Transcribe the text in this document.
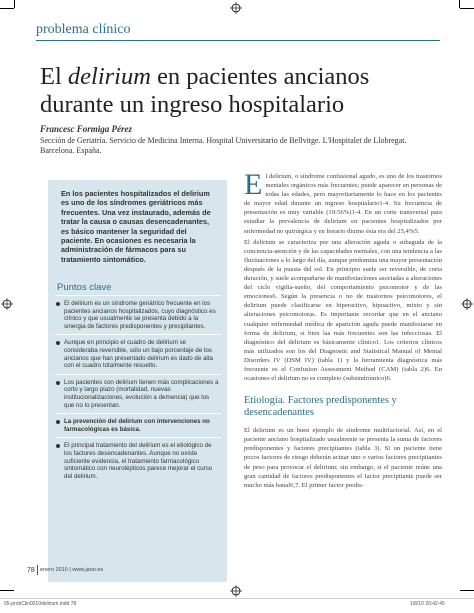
problema clínico
El delirium en pacientes ancianos durante un ingreso hospitalario
Francesc Formiga Pérez
Sección de Geriatría. Servicio de Medicina Interna. Hospital Universitario de Bellvitge. L'Hospitalet de Llobregat. Barcelona. España.
En los pacientes hospitalizados el delirium es uno de los síndromes geriátricos más frecuentes. Una vez instaurado, además de tratar la causa o causas desencadenantes, es básico mantener la seguridad del paciente. En ocasiones es necesaria la administración de fármacos para su tratamiento sintomático.
Puntos clave
El delirium es un síndrome geriátrico frecuente en los pacientes ancianos hospitalizados, cuyo diagnóstico es clínico y que usualmente se presenta debido a la sinergia de factores predisponentes y precipitantes.
Aunque en principio el cuadro de delirium se consideraba reversible, sólo un bajo porcentaje de los ancianos que han presentado delirium es dado de alta con el cuadro totalmente resuelto.
Los pacientes con delirium tienen más complicaciones a corto y largo plazo (mortalidad, nuevas institucionalizaciones, evolución a demencia) que los que no lo presentan.
La prevención del delirium con intervenciones no farmacológicas es básica.
El principal tratamiento del delirium es el etiológico de los factores desencadenantes. Aunque no existe suficiente evidencia, el tratamiento farmacológico sintomático con neurolépticos parece mejorar el curso del delirium.

El delirium, o síndrome confusional agudo, es uno de los trastornos mentales orgánicos más frecuentes; puede aparecer en personas de todas las edades, pero mayoritariamente lo hace en los pacientes de mayor edad durante un ingreso hospitalario1-4. Su frecuencia de presentación es muy variable (10-56%)1-4. En un corte transversal para estudiar la prevalencia de delirium en pacientes hospitalizados por enfermedad no quirúrgica y en horario diurno ésta era del 25,4%5.

El delirium se caracteriza por una alteración aguda o subaguda de la conciencia-atención y de las capacidades mentales, con una tendencia a las fluctuaciones a lo largo del día, aunque predomina una mayor presentación después de la puesta del sol. En principio suele ser reversible, de corta duración, y suele acompañarse de manifestaciones asociadas a alteraciones del ciclo vigilia-sueño, del comportamiento psicomotor y de las emociones6. Según la presencia o no de trastornos psicomotores, el delirium puede clasificarse en hiperactivo, hipoactivo, mixto y sin alteraciones psicomotoras. Es importante recordar que en el anciano cualquier enfermedad médica de aparición aguda puede manifestarse en forma de delirium, si bien las más frecuentes son las infecciosas. El diagnóstico del delirium es básicamente clínico1. Los criterios clínicos más utilizados son los del Diagnostic and Statistical Manual of Mental Disorders IV (DSM IV) (tabla 1) y la herramienta diagnóstica más frecuente es el Confusion Assessment Method (CAM) (tabla 2)6. En ocasiones el delirium no es completo (subsindrómico)6.

Etiología. Factores predisponentes y desencadenantes

El delirium es un buen ejemplo de síndrome multifactorial. Así, en el paciente anciano hospitalizado usualmente se presenta la suma de factores predisponentes y factores precipitantes (tabla 3). Si un paciente tiene pocos factores de riesgo deberán actuar uno o varios factores precipitantes de peso para provocar el delirium; sin embargo, si el paciente reúne una gran cantidad de factores predisponentes el factor precipitante puede ser mucho más banal6,7. El primer factor predis-

78 enero 2010 | www.jano.es
05-probClin0010delirium.indd 78	1/8/10 20:42:45
